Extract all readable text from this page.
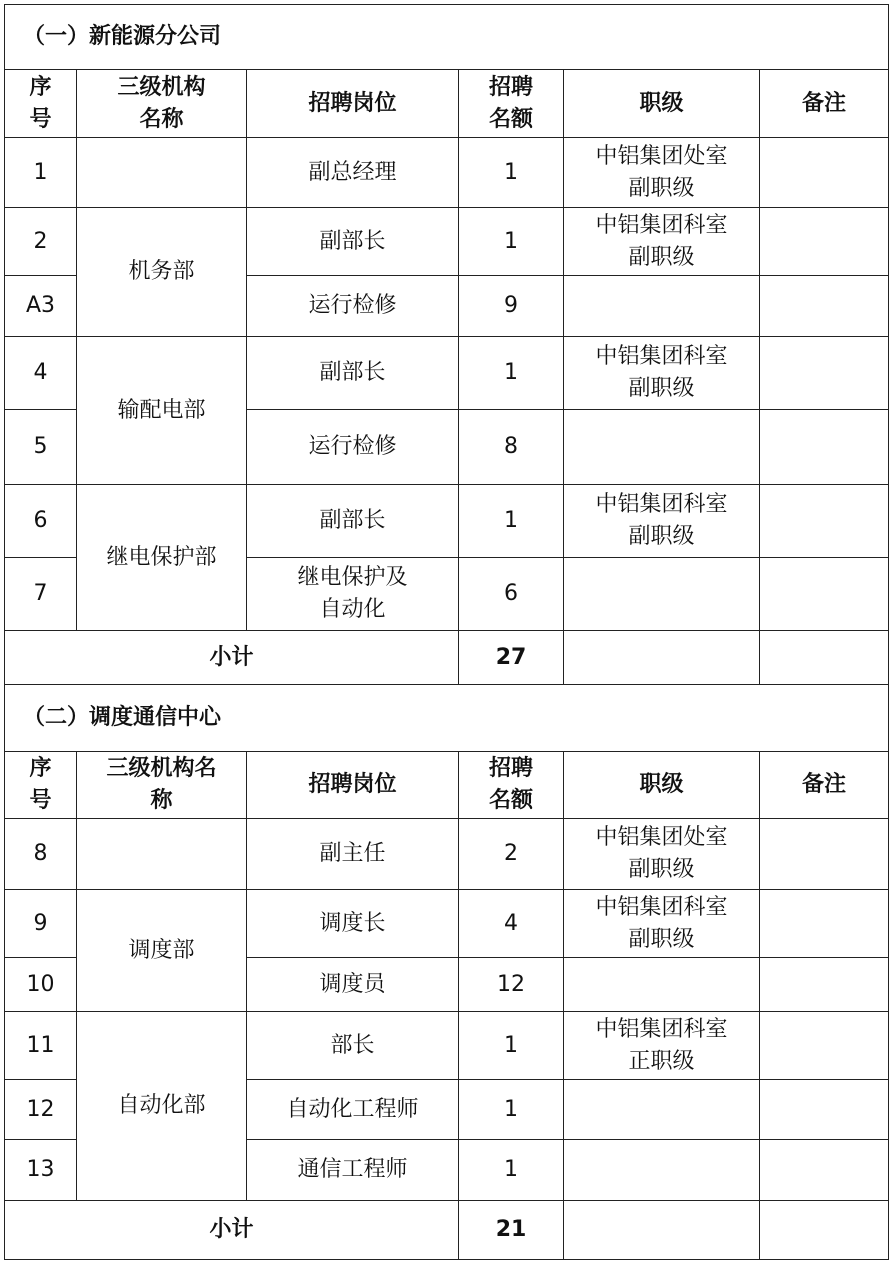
（一）新能源分公司					

序
号	三级机构
名称	招聘岗位	招聘
名额	职级	备注
1		副总经理	1	中铝集团处室
副职级	

2	机务部	副部长	1	中铝集团科室
副职级	

A3		运行检修	9		
4	输配电部	副部长	1	中铝集团科室
副职级	

5		运行检修	8		
6	继电保护部	副部长	1	中铝集团科室
副职级	

7		继电保护及
自动化	6		
小计			27		
（二）调度通信中心					

序
号	三级机构名
称	招聘岗位	招聘
名额	职级	备注
8		副主任	2	中铝集团处室
副职级	

9	调度部	调度长	4	中铝集团科室
副职级	

10		调度员	12		
11	自动化部	部长	1	中铝集团科室
正职级	

12		自动化工程师	1		
13		通信工程师	1		
小计			21		
